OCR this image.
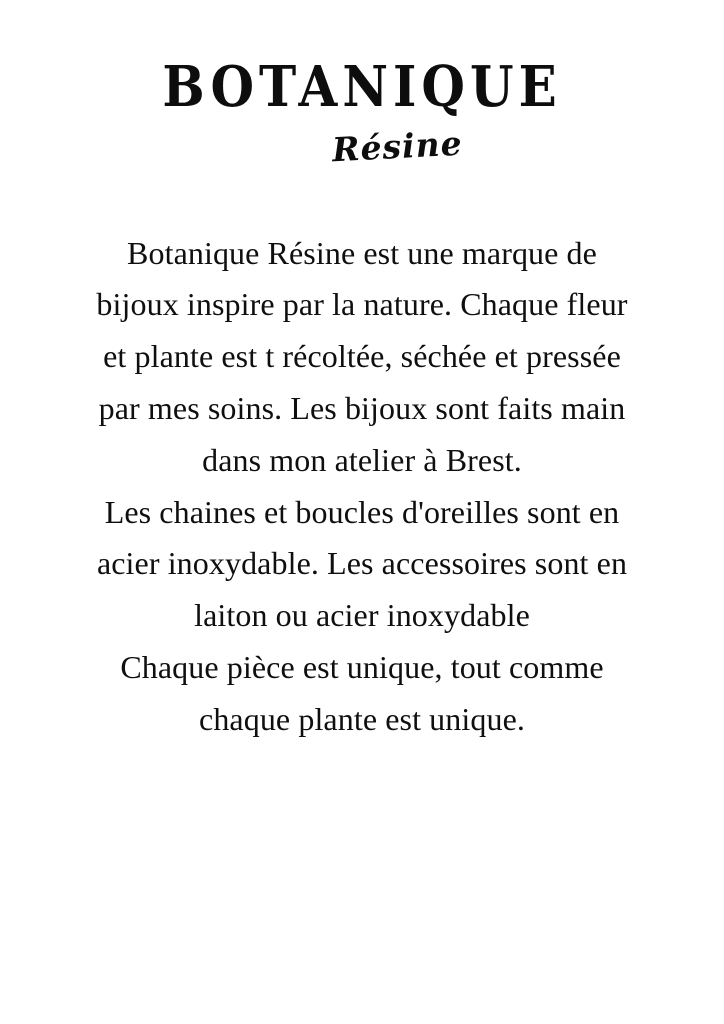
BOTANIQUE
Résine

Botanique Résine est une marque de bijoux inspire par la nature. Chaque fleur et plante est t récoltée, séchée et pressée par mes soins. Les bijoux sont faits main dans mon atelier à Brest.

Les chaines et boucles d'oreilles sont en acier inoxydable. Les accessoires sont en laiton ou acier inoxydable

Chaque pièce est unique, tout comme chaque plante est unique.
